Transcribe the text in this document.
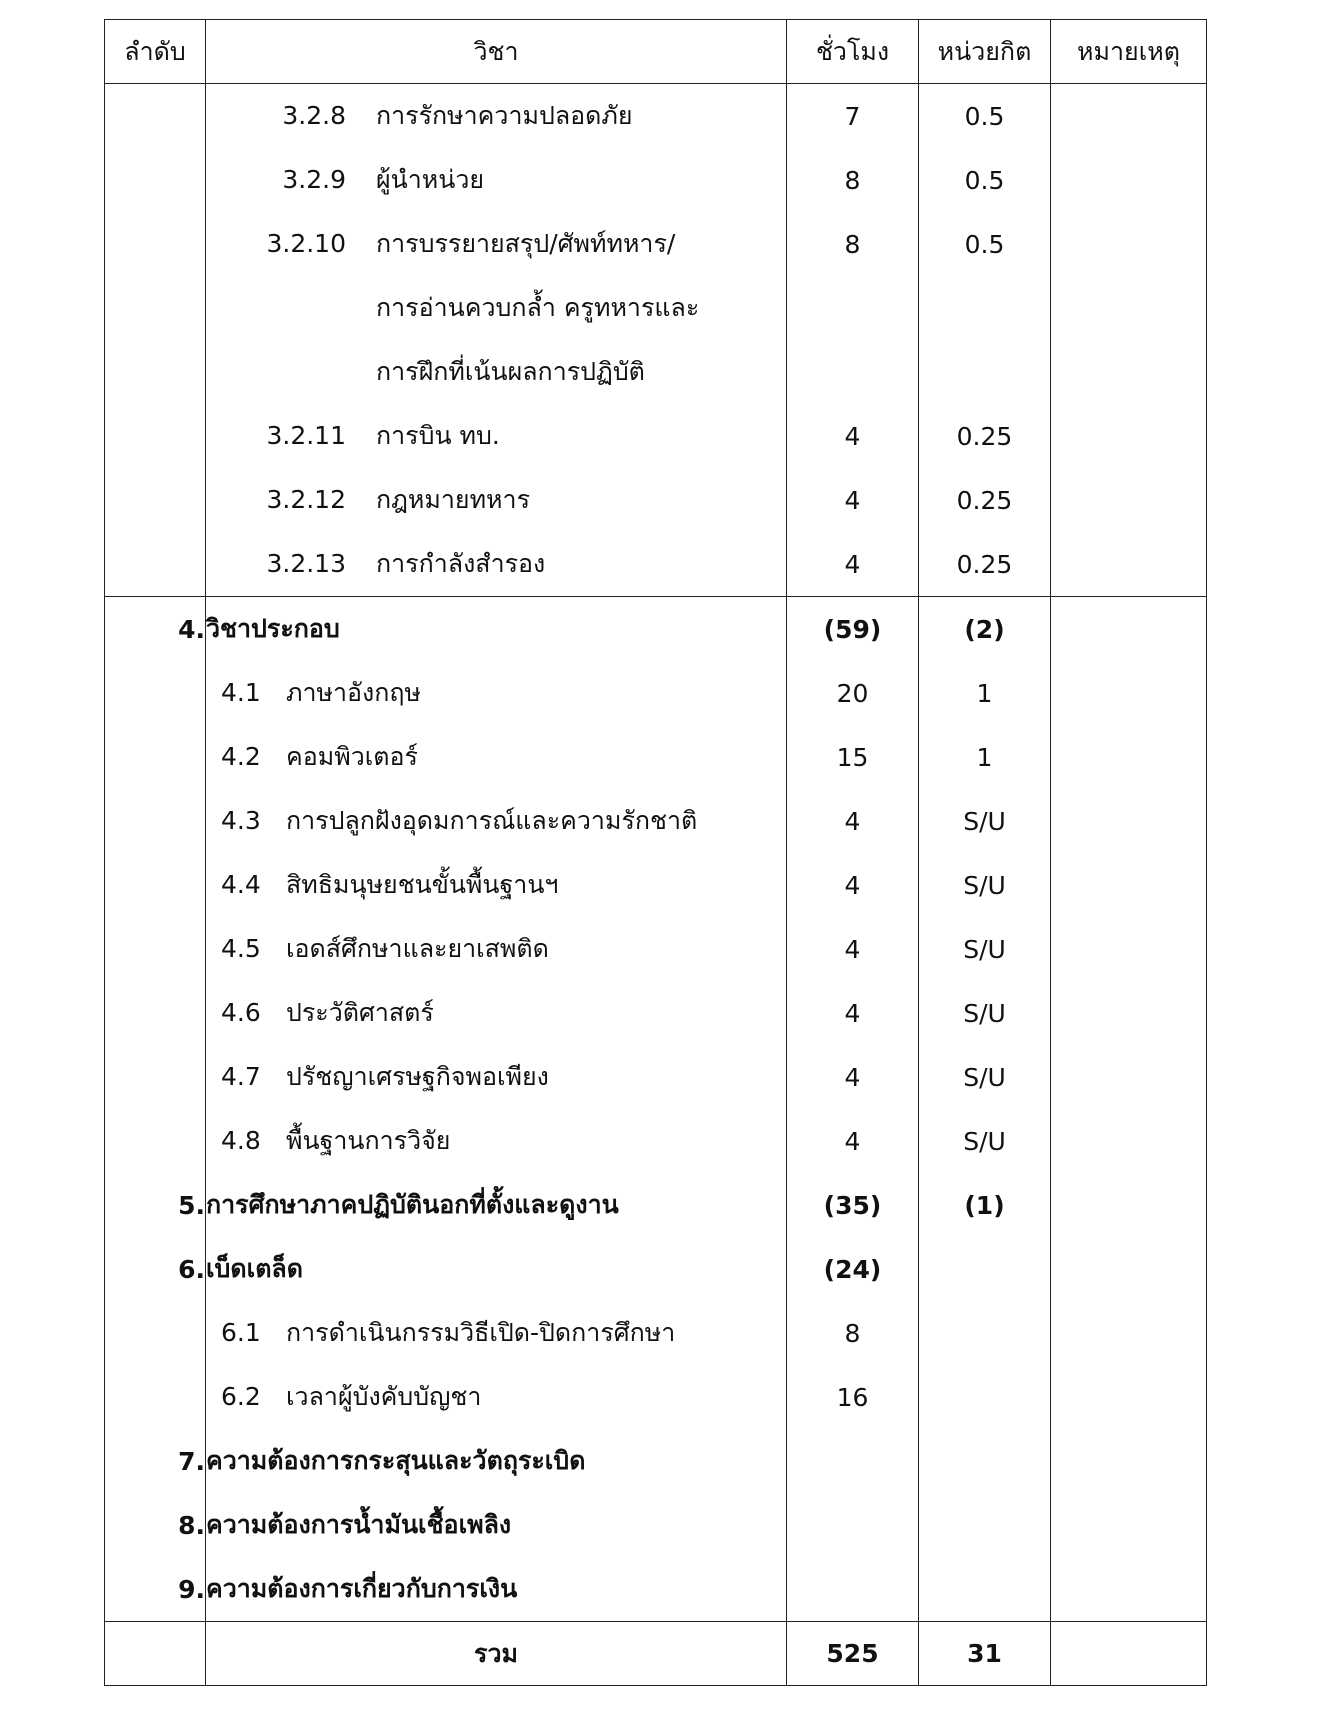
ลำดับ	วิชา	ชั่วโมง	หน่วยกิต	หมายเหตุ

	3.2.8 การรักษาความปลอดภัย	7	0.5	

	3.2.9 ผู้นำหน่วย	8	0.5	

	3.2.10 การบรรยายสรุป/ศัพท์ทหาร/	8	0.5	

	การอ่านควบกล้ำ ครูทหารและ			

	การฝึกที่เน้นผลการปฏิบัติ			

	3.2.11 การบิน ทบ.	4	0.25	

	3.2.12 กฎหมายทหาร	4	0.25	

	3.2.13 การกำลังสำรอง	4	0.25	
4.	วิชาประกอบ	(59)	(2)	

	4.1 ภาษาอังกฤษ	20	1	

	4.2 คอมพิวเตอร์	15	1	

	4.3 การปลูกฝังอุดมการณ์และความรักชาติ	4	S/U	

	4.4 สิทธิมนุษยชนขั้นพื้นฐานฯ	4	S/U	

	4.5 เอดส์ศึกษาและยาเสพติด	4	S/U	

	4.6 ประวัติศาสตร์	4	S/U	

	4.7 ปรัชญาเศรษฐกิจพอเพียง	4	S/U	

	4.8 พื้นฐานการวิจัย	4	S/U	
5.	การศึกษาภาคปฏิบัตินอกที่ตั้งและดูงาน	(35)	(1)	
6.	เบ็ดเตล็ด	(24)		

	6.1 การดำเนินกรรมวิธีเปิด-ปิดการศึกษา	8		

	6.2 เวลาผู้บังคับบัญชา	16		
7.	ความต้องการกระสุนและวัตถุระเบิด			
8.	ความต้องการน้ำมันเชื้อเพลิง			
9.	ความต้องการเกี่ยวกับการเงิน			
	รวม	525	31	
